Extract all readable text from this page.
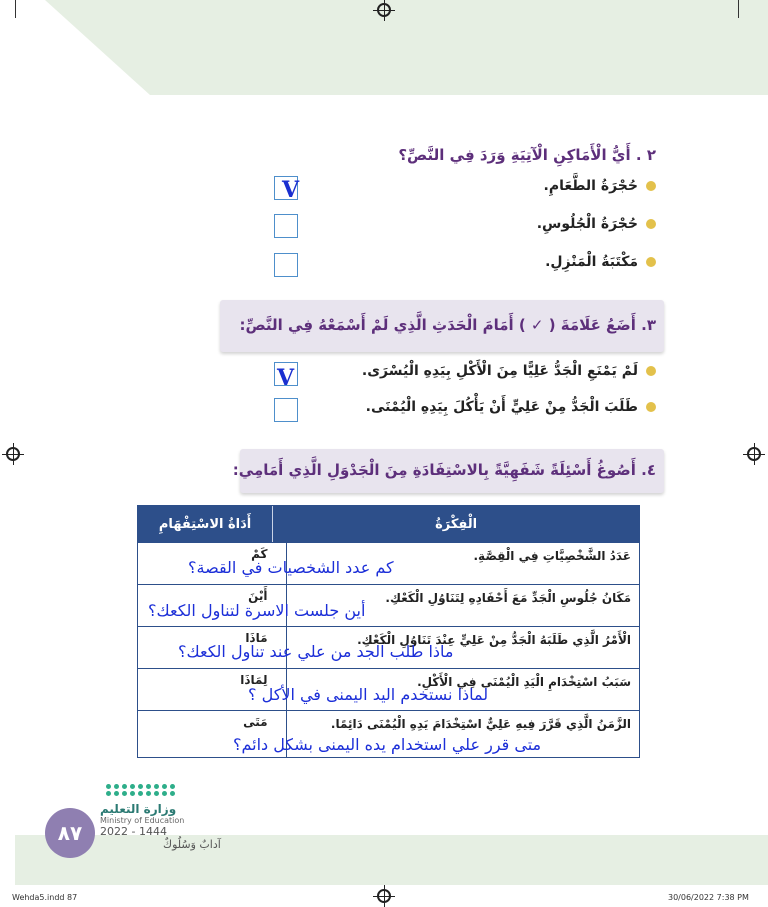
٢ . أَيُّ الْأَمَاكِنِ الْآتِيَةِ وَرَدَ فِي النَّصِّ؟
حُجْرَةُ الطَّعَامِ.
حُجْرَةُ الْجُلُوسِ.
مَكْتَبَةُ الْمَنْزِلِ.
V
٣. أَضَعُ عَلَامَةَ ( ✓ ) أَمَامَ الْحَدَثِ الَّذِي لَمْ أَسْمَعْهُ فِي النَّصِّ:
لَمْ يَمْنَعِ الْجَدُّ عَلِيًّا مِنَ الْأَكْلِ بِيَدِهِ الْيُسْرَى.
طَلَبَ الْجَدُّ مِنْ عَلِيٍّ أَنْ يَأْكُلَ بِيَدِهِ الْيُمْنَى.
V
٤. أَصُوغُ أَسْئِلَةً شَفَهِيَّةً بِالاسْتِفَادَةِ مِنَ الْجَدْوَلِ الَّذِي أَمَامِي:
الْفِكْرَةُ
أَدَاةُ الاسْتِفْهَامِ
عَدَدُ الشَّخْصِيَّاتِ فِي الْقِصَّةِ.
كَمْ
كم عدد الشخصيات في القصة؟
مَكَانُ جُلُوسِ الْجَدِّ مَعَ أَحْفَادِهِ لِتَنَاوُلِ الْكَعْكِ.
أَيْنَ
أين جلست الاسرة لتناول الكعك؟
الْأَمْرُ الَّذِي طَلَبَهُ الْجَدُّ مِنْ عَلِيٍّ عِنْدَ تَنَاوُلِ الْكَعْكِ.
مَاذَا
ماذا طلب الجد من علي عند تناول الكعك؟
سَبَبُ اسْتِخْدَامِ الْيَدِ الْيُمْنَى فِي الْأَكْلِ.
لِمَاذَا
لماذا نستخدم اليد اليمنى في الأكل ؟
الزَّمَنُ الَّذِي قَرَّرَ فِيهِ عَلِيٌّ اسْتِخْدَامَ يَدِهِ الْيُمْنَى دَائِمًا.
مَتَى
متى قرر علي استخدام يده اليمنى بشكل دائم؟
وزارة التعليم
Ministry of Education
2022 - 1444
٨٧	آدابٌ وَسُلُوكٌ
Wehda5.indd 87	30/06/2022 7:38 PM
